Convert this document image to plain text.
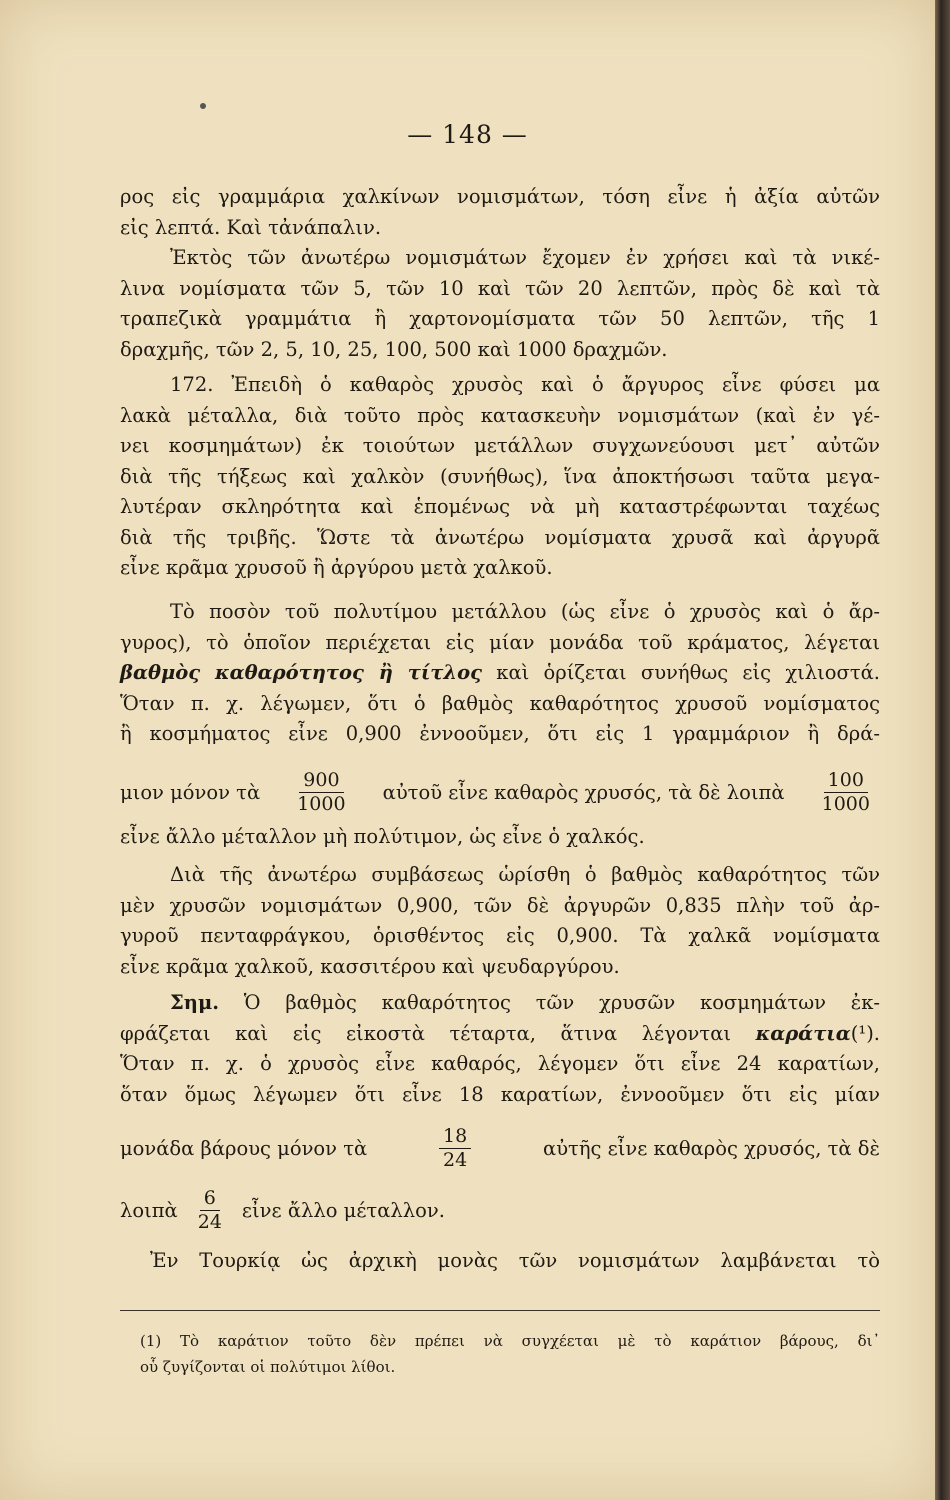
— 148 —
ρος εἰς γραμμάρια χαλκίνων νομισμάτων, τόση εἶνε ἡ ἀξία αὐτῶν
εἰς λεπτά. Καὶ τἀνάπαλιν.
Ἐκτὸς τῶν ἀνωτέρω νομισμάτων ἔχομεν ἐν χρήσει καὶ τὰ νικέ-
λινα νομίσματα τῶν 5, τῶν 10 καὶ τῶν 20 λεπτῶν, πρὸς δὲ καὶ τὰ
τραπεζικὰ γραμμάτια ἢ χαρτονομίσματα τῶν 50 λεπτῶν, τῆς 1
δραχμῆς, τῶν 2, 5, 10, 25, 100, 500 καὶ 1000 δραχμῶν.
172. Ἐπειδὴ ὁ καθαρὸς χρυσὸς καὶ ὁ ἄργυρος εἶνε φύσει μα
λακὰ μέταλλα, διὰ τοῦτο πρὸς κατασκευὴν νομισμάτων (καὶ ἐν γέ-
νει κοσμημάτων) ἐκ τοιούτων μετάλλων συγχωνεύουσι μετ᾽ αὐτῶν
διὰ τῆς τήξεως καὶ χαλκὸν (συνήθως), ἵνα ἀποκτήσωσι ταῦτα μεγα-
λυτέραν σκληρότητα καὶ ἑπομένως νὰ μὴ καταστρέφωνται ταχέως
διὰ τῆς τριβῆς. Ὥστε τὰ ἀνωτέρω νομίσματα χρυσᾶ καὶ ἀργυρᾶ
εἶνε κρᾶμα χρυσοῦ ἢ ἀργύρου μετὰ χαλκοῦ.
Τὸ ποσὸν τοῦ πολυτίμου μετάλλου (ὡς εἶνε ὁ χρυσὸς καὶ ὁ ἄρ-
γυρος), τὸ ὁποῖον περιέχεται εἰς μίαν μονάδα τοῦ κράματος, λέγεται
βαθμὸς καθαρότητος ἢ τίτλος καὶ ὁρίζεται συνήθως εἰς χιλιοστά.
Ὅταν π. χ. λέγωμεν, ὅτι ὁ βαθμὸς καθαρότητος χρυσοῦ νομίσματος
ἢ κοσμήματος εἶνε 0,900 ἐννοοῦμεν, ὅτι εἰς 1 γραμμάριον ἢ δρά-
μιον μόνον τὰ $\frac{900}{1000}$ αὐτοῦ εἶνε καθαρὸς χρυσός, τὰ δὲ λοιπὰ $\frac{100}{1000}$
εἶνε ἄλλο μέταλλον μὴ πολύτιμον, ὡς εἶνε ὁ χαλκός.
Διὰ τῆς ἀνωτέρω συμβάσεως ὡρίσθη ὁ βαθμὸς καθαρότητος τῶν
μὲν χρυσῶν νομισμάτων 0,900, τῶν δὲ ἀργυρῶν 0,835 πλὴν τοῦ ἀρ-
γυροῦ πενταφράγκου, ὁρισθέντος εἰς 0,900. Τὰ χαλκᾶ νομίσματα
εἶνε κρᾶμα χαλκοῦ, κασσιτέρου καὶ ψευδαργύρου.
Σημ. Ὁ βαθμὸς καθαρότητος τῶν χρυσῶν κοσμημάτων ἐκ-
φράζεται καὶ εἰς εἰκοστὰ τέταρτα, ἅτινα λέγονται καράτια(¹).
Ὅταν π. χ. ὁ χρυσὸς εἶνε καθαρός, λέγομεν ὅτι εἶνε 24 καρατίων,
ὅταν ὅμως λέγωμεν ὅτι εἶνε 18 καρατίων, ἐννοοῦμεν ὅτι εἰς μίαν
μονάδα βάρους μόνον τὰ	$\frac{18}{24}$	αὐτῆς εἶνε καθαρὸς χρυσός, τὰ δὲ
λοιπὰ $\frac{6}{24}$ εἶνε ἄλλο μέταλλον.
Ἐν Τουρκίᾳ ὡς ἀρχικὴ μονὰς τῶν νομισμάτων λαμβάνεται τὸ
(1) Τὸ καράτιον τοῦτο δὲν πρέπει νὰ συγχέεται μὲ τὸ καράτιον βάρους, δι᾽
οὗ ζυγίζονται οἱ πολύτιμοι λίθοι.
